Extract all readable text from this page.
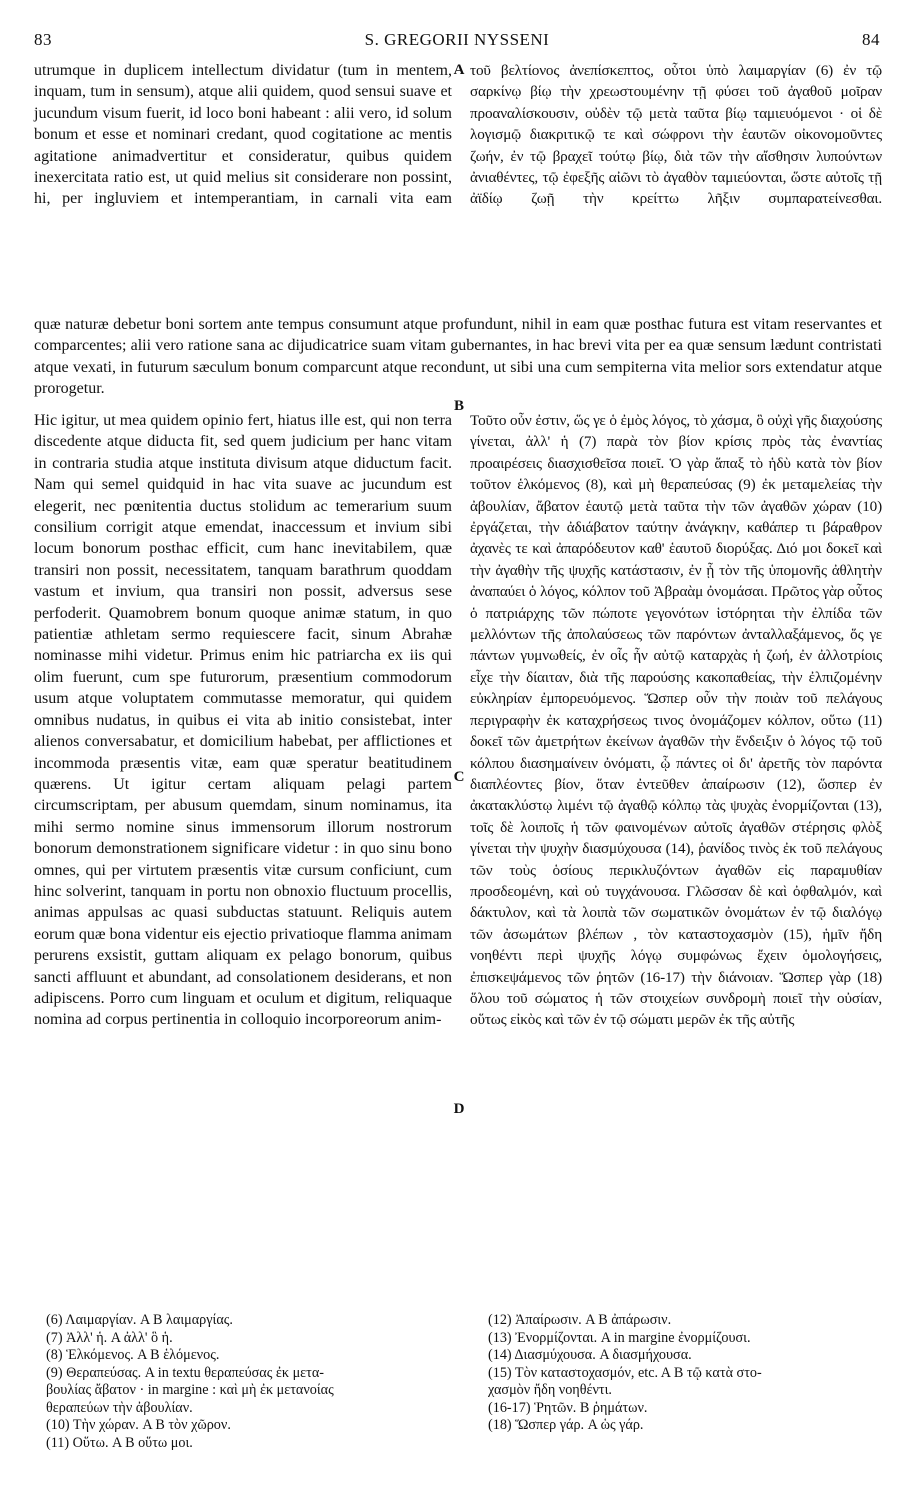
83	S. GREGORII NYSSENI	84

utrumque in duplicem intellectum dividatur (tum in mentem, inquam, tum in sensum), atque alii quidem, quod sensui suave et jucundum visum fuerit, id loco boni habeant : alii vero, id solum bonum et esse et nominari credant, quod cogitatione ac mentis agitatione animadvertitur et consideratur, quibus quidem inexercitata ratio est, ut quid melius sit considerare non possint, hi, per ingluviem et intemperantiam, in carnali vita eam

A τοῦ βελτίονος ἀνεπίσκεπτος, οὗτοι ὑπὸ λαιμαργίαν (6) ἐν τῷ σαρκίνῳ βίῳ τὴν χρεωστουμένην τῇ φύσει τοῦ ἀγαθοῦ μοῖραν προαναλίσκουσιν, οὐδὲν τῷ μετὰ ταῦτα βίῳ ταμιευόμενοι · οἱ δὲ λογισμῷ διακριτικῷ τε καὶ σώφρονι τὴν ἑαυτῶν οἰκονομοῦντες ζωήν, ἐν τῷ βραχεῖ τούτῳ βίῳ, διὰ τῶν τὴν αἴσθησιν λυπούντων ἀνιαθέντες, τῷ ἐφεξῆς αἰῶνι τὸ ἀγαθὸν ταμιεύονται, ὥστε αὐτοῖς τῇ ἀϊδίῳ ζωῇ τὴν κρείττω λῆξιν συμπαρατείνεσθαι.

quæ naturæ debetur boni sortem ante tempus consumunt atque profundunt, nihil in eam quæ posthac futura est vitam reservantes et comparcentes; alii vero ratione sana ac dijudicatrice suam vitam gubernantes, in hac brevi vita per ea quæ sensum lædunt contristati atque vexati, in futurum sæculum bonum comparcunt atque recondunt, ut sibi una cum sempiterna vita melior sors extendatur atque prorogetur.

B

Hic igitur, ut mea quidem opinio fert, hiatus ille est, qui non terra discedente atque diducta fit, sed quem judicium per hanc vitam in contraria studia atque instituta divisum atque diductum facit. Nam qui semel quidquid in hac vita suave ac jucundum est elegerit, nec pœnitentia ductus stolidum ac temerarium suum consilium corrigit atque emendat, inaccessum et invium sibi locum bonorum posthac efficit, cum hanc inevitabilem, quæ transiri non possit, necessitatem, tanquam barathrum quoddam vastum et invium, qua transiri non possit, adversus sese perfoderit. Quamobrem bonum quoque animæ statum, in quo patientiæ athletam sermo requiescere facit, sinum Abrahæ nominasse mihi videtur. Primus enim hic patriarcha ex iis qui olim fuerunt, cum spe futurorum, præsentium commodorum usum atque voluptatem commutasse memoratur, qui quidem omnibus nudatus, in quibus ei vita ab initio consistebat, inter alienos conversabatur, et domicilium habebat, per afflictiones et incommoda præsentis vitæ, eam quæ speratur beatitudinem quærens. Ut igitur certam aliquam pelagi partem circumscriptam, per abusum quemdam, sinum nominamus, ita mihi sermo nomine sinus immensorum illorum nostrorum bonorum demonstrationem significare videtur : in quo sinu bono omnes, qui per virtutem præsentis vitæ cursum conficiunt, cum hinc solverint, tanquam in portu non obnoxio fluctuum procellis, animas appulsas ac quasi subductas statuunt. Reliquis autem eorum quæ bona videntur eis ejectio privatioque flamma animam perurens exsistit, guttam aliquam ex pelago bonorum, quibus sancti affluunt et abundant, ad consolationem desiderans, et non adipiscens. Porro cum linguam et oculum et digitum, reliquaque nomina ad corpus pertinentia in colloquio incorporeorum anim-

C
D

Τοῦτο οὖν ἐστιν, ὥς γε ὁ ἐμὸς λόγος, τὸ χάσμα, ὃ οὐχὶ γῆς διαχούσης γίνεται, ἀλλ' ἡ (7) παρὰ τὸν βίον κρίσις πρὸς τὰς ἐναντίας προαιρέσεις διασχισθεῖσα ποιεῖ. Ὁ γὰρ ἅπαξ τὸ ἡδὺ κατὰ τὸν βίον τοῦτον ἑλκόμενος (8), καὶ μὴ θεραπεύσας (9) ἐκ μεταμελείας τὴν ἀβουλίαν, ἄβατον ἑαυτῷ μετὰ ταῦτα τὴν τῶν ἀγαθῶν χώραν (10) ἐργάζεται, τὴν ἀδιάβατον ταύτην ἀνάγκην, καθάπερ τι βάραθρον ἀχανὲς τε καὶ ἀπαρόδευτον καθ' ἑαυτοῦ διορύξας. Διό μοι δοκεῖ καὶ τὴν ἀγαθὴν τῆς ψυχῆς κατάστασιν, ἐν ᾗ τὸν τῆς ὑπομονῆς ἀθλητὴν ἀναπαύει ὁ λόγος, κόλπον τοῦ Ἀβραὰμ ὀνομάσαι. Πρῶτος γὰρ οὗτος ὁ πατριάρχης τῶν πώποτε γεγονότων ἱστόρηται τὴν ἐλπίδα τῶν μελλόντων τῆς ἀπολαύσεως τῶν παρόντων ἀνταλλαξάμενος, ὅς γε πάντων γυμνωθείς, ἐν οἷς ἦν αὐτῷ καταρχὰς ἡ ζωή, ἐν ἀλλοτρίοις εἶχε τὴν δίαιταν, διὰ τῆς παρούσης κακοπαθείας, τὴν ἐλπιζομένην εὐκληρίαν ἐμπορευόμενος. Ὥσπερ οὖν τὴν ποιὰν τοῦ πελάγους περιγραφὴν ἐκ καταχρήσεως τινος ὀνομάζομεν κόλπον, οὕτω (11) δοκεῖ τῶν ἀμετρήτων ἐκείνων ἀγαθῶν τὴν ἔνδειξιν ὁ λόγος τῷ τοῦ κόλπου διασημαίνειν ὀνόματι, ᾧ πάντες οἱ δι' ἀρετῆς τὸν παρόντα διαπλέοντες βίον, ὅταν ἐντεῦθεν ἀπαίρωσιν (12), ὥσπερ ἐν ἀκατακλύστῳ λιμένι τῷ ἀγαθῷ κόλπῳ τὰς ψυχὰς ἐνορμίζονται (13), τοῖς δὲ λοιποῖς ἡ τῶν φαινομένων αὐτοῖς ἀγαθῶν στέρησις φλὸξ γίνεται τὴν ψυχὴν διασμύχουσα (14), ῥανίδος τινὸς ἐκ τοῦ πελάγους τῶν τοὺς ὁσίους περικλυζόντων ἀγαθῶν εἰς παραμυθίαν προσδεομένη, καὶ οὐ τυγχάνουσα. Γλῶσσαν δὲ καὶ ὀφθαλμόν, καὶ δάκτυλον, καὶ τὰ λοιπὰ τῶν σωματικῶν ὀνομάτων ἐν τῷ διαλόγῳ τῶν ἀσωμάτων βλέπων , τὸν καταστοχασμὸν (15), ἡμῖν ἤδη νοηθέντι περὶ ψυχῆς λόγῳ συμφώνως ἔχειν ὁμολογήσεις, ἐπισκεψάμενος τῶν ῥητῶν (16-17) τὴν διάνοιαν. Ὥσπερ γὰρ (18) ὅλου τοῦ σώματος ἡ τῶν στοιχείων συνδρομὴ ποιεῖ τὴν οὐσίαν, οὕτως εἰκὸς καὶ τῶν ἐν τῷ σώματι μερῶν ἐκ τῆς αὐτῆς

(6) Λαιμαργίαν. A B λαιμαργίας.
(7) Ἀλλ' ἡ. A ἀλλ' ὃ ἡ.
(8) Ἑλκόμενος. A B ἑλόμενος.
(9) Θεραπεύσας. A in textu θεραπεύσας ἐκ μετα-
βουλίας ἄβατον · in margine : καὶ μὴ ἐκ μετανοίας
θεραπεύων τὴν ἀβουλίαν.
(10) Τὴν χώραν. A B τὸν χῶρον.
(11) Οὕτω. A B οὕτω μοι.
(12) Ἀπαίρωσιν. A B ἀπάρωσιν.
(13) Ἐνορμίζονται. A in margine ἐνορμίζουσι.
(14) Διασμύχουσα. A διασμήχουσα.
(15) Τὸν καταστοχασμόν, etc. A B τῷ κατὰ στο-
χασμὸν ἤδη νοηθέντι.
(16-17) Ῥητῶν. B ῥημάτων.
(18) Ὥσπερ γάρ. A ὡς γάρ.
